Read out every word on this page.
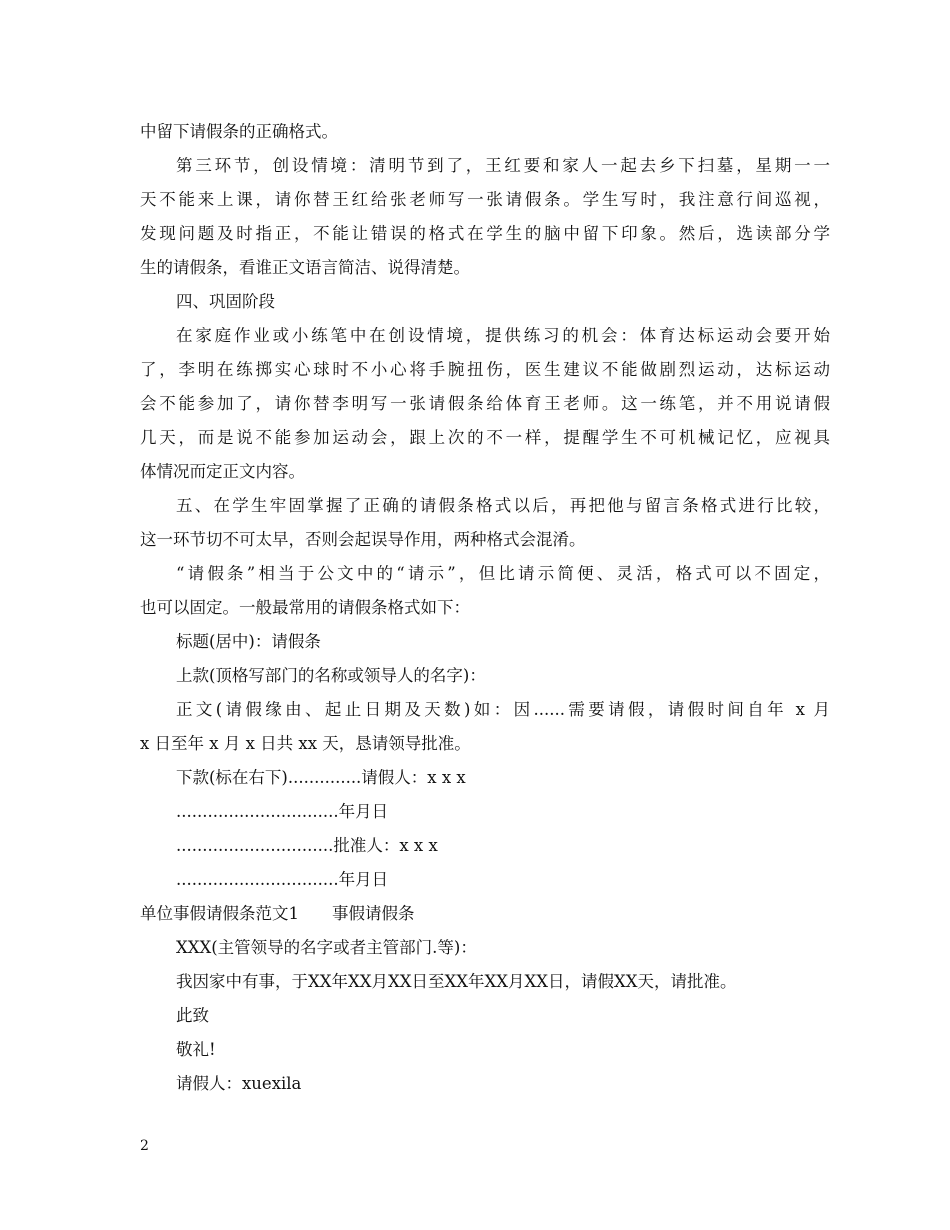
中留下请假条的正确格式。
第三环节，创设情境：清明节到了，王红要和家人一起去乡下扫墓，星期一一
天不能来上课，请你替王红给张老师写一张请假条。学生写时，我注意行间巡视，
发现问题及时指正，不能让错误的格式在学生的脑中留下印象。然后，选读部分学
生的请假条，看谁正文语言简洁、说得清楚。
四、巩固阶段
在家庭作业或小练笔中在创设情境，提供练习的机会：体育达标运动会要开始
了，李明在练掷实心球时不小心将手腕扭伤，医生建议不能做剧烈运动，达标运动
会不能参加了，请你替李明写一张请假条给体育王老师。这一练笔，并不用说请假
几天，而是说不能参加运动会，跟上次的不一样，提醒学生不可机械记忆，应视具
体情况而定正文内容。
五、在学生牢固掌握了正确的请假条格式以后，再把他与留言条格式进行比较，
这一环节切不可太早，否则会起误导作用，两种格式会混淆。
“请假条”相当于公文中的“请示”，但比请示简便、灵活，格式可以不固定，
也可以固定。一般最常用的请假条格式如下：
标题(居中)：请假条
上款(顶格写部门的名称或领导人的名字)：
正文(请假缘由、起止日期及天数)如：因......需要请假，请假时间自年 x 月
x 日至年 x 月 x 日共 xx 天，恳请领导批准。
下款(标在右下)..............请假人：x x x
...............................年月日
..............................批准人：x x x
...............................年月日
单位事假请假条范文1　　事假请假条
XXX(主管领导的名字或者主管部门.等)：
我因家中有事，于XX年XX月XX日至XX年XX月XX日，请假XX天，请批准。
此致
敬礼!
请假人：xuexila
2
